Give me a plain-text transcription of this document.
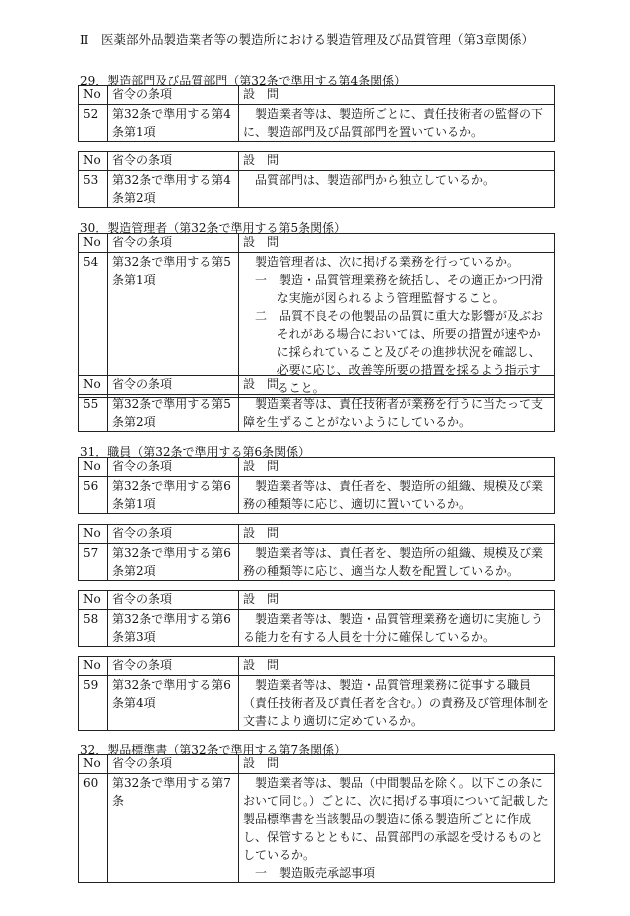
Ⅱ　医薬部外品製造業者等の製造所における製造管理及び品質管理（第3章関係）
29．製造部門及び品質部門（第32条で準用する第4条関係）
No	省令の条項	設　問
52	第32条で準用する第4条第1項	製造業者等は、製造所ごとに、責任技術者の監督の下に、製造部門及び品質部門を置いているか。
No	省令の条項	設　問
53	第32条で準用する第4条第2項	品質部門は、製造部門から独立しているか。
30．製造管理者（第32条で準用する第5条関係）
No	省令の条項	設　問
54	第32条で準用する第5条第1項	製造管理者は、次に掲げる業務を行っているか。
一　製造・品質管理業務を統括し、その適正かつ円滑な実施が図られるよう管理監督すること。
二　品質不良その他製品の品質に重大な影響が及ぶおそれがある場合においては、所要の措置が速やかに採られていること及びその進捗状況を確認し、必要に応じ、改善等所要の措置を採るよう指示すること。
No	省令の条項	設　問
55	第32条で準用する第5条第2項	製造業者等は、責任技術者が業務を行うに当たって支障を生ずることがないようにしているか。
31．職員（第32条で準用する第6条関係）
No	省令の条項	設　問
56	第32条で準用する第6条第1項	製造業者等は、責任者を、製造所の組織、規模及び業務の種類等に応じ、適切に置いているか。
No	省令の条項	設　問
57	第32条で準用する第6条第2項	製造業者等は、責任者を、製造所の組織、規模及び業務の種類等に応じ、適当な人数を配置しているか。
No	省令の条項	設　問
58	第32条で準用する第6条第3項	製造業者等は、製造・品質管理業務を適切に実施しうる能力を有する人員を十分に確保しているか。
No	省令の条項	設　問
59	第32条で準用する第6条第4項	製造業者等は、製造・品質管理業務に従事する職員（責任技術者及び責任者を含む。）の責務及び管理体制を文書により適切に定めているか。
32．製品標準書（第32条で準用する第7条関係）
No	省令の条項	設　問
60	第32条で準用する第7条	製造業者等は、製品（中間製品を除く。以下この条において同じ。）ごとに、次に掲げる事項について記載した製品標準書を当該製品の製造に係る製造所ごとに作成し、保管するとともに、品質部門の承認を受けるものとしているか。
一　製造販売承認事項
